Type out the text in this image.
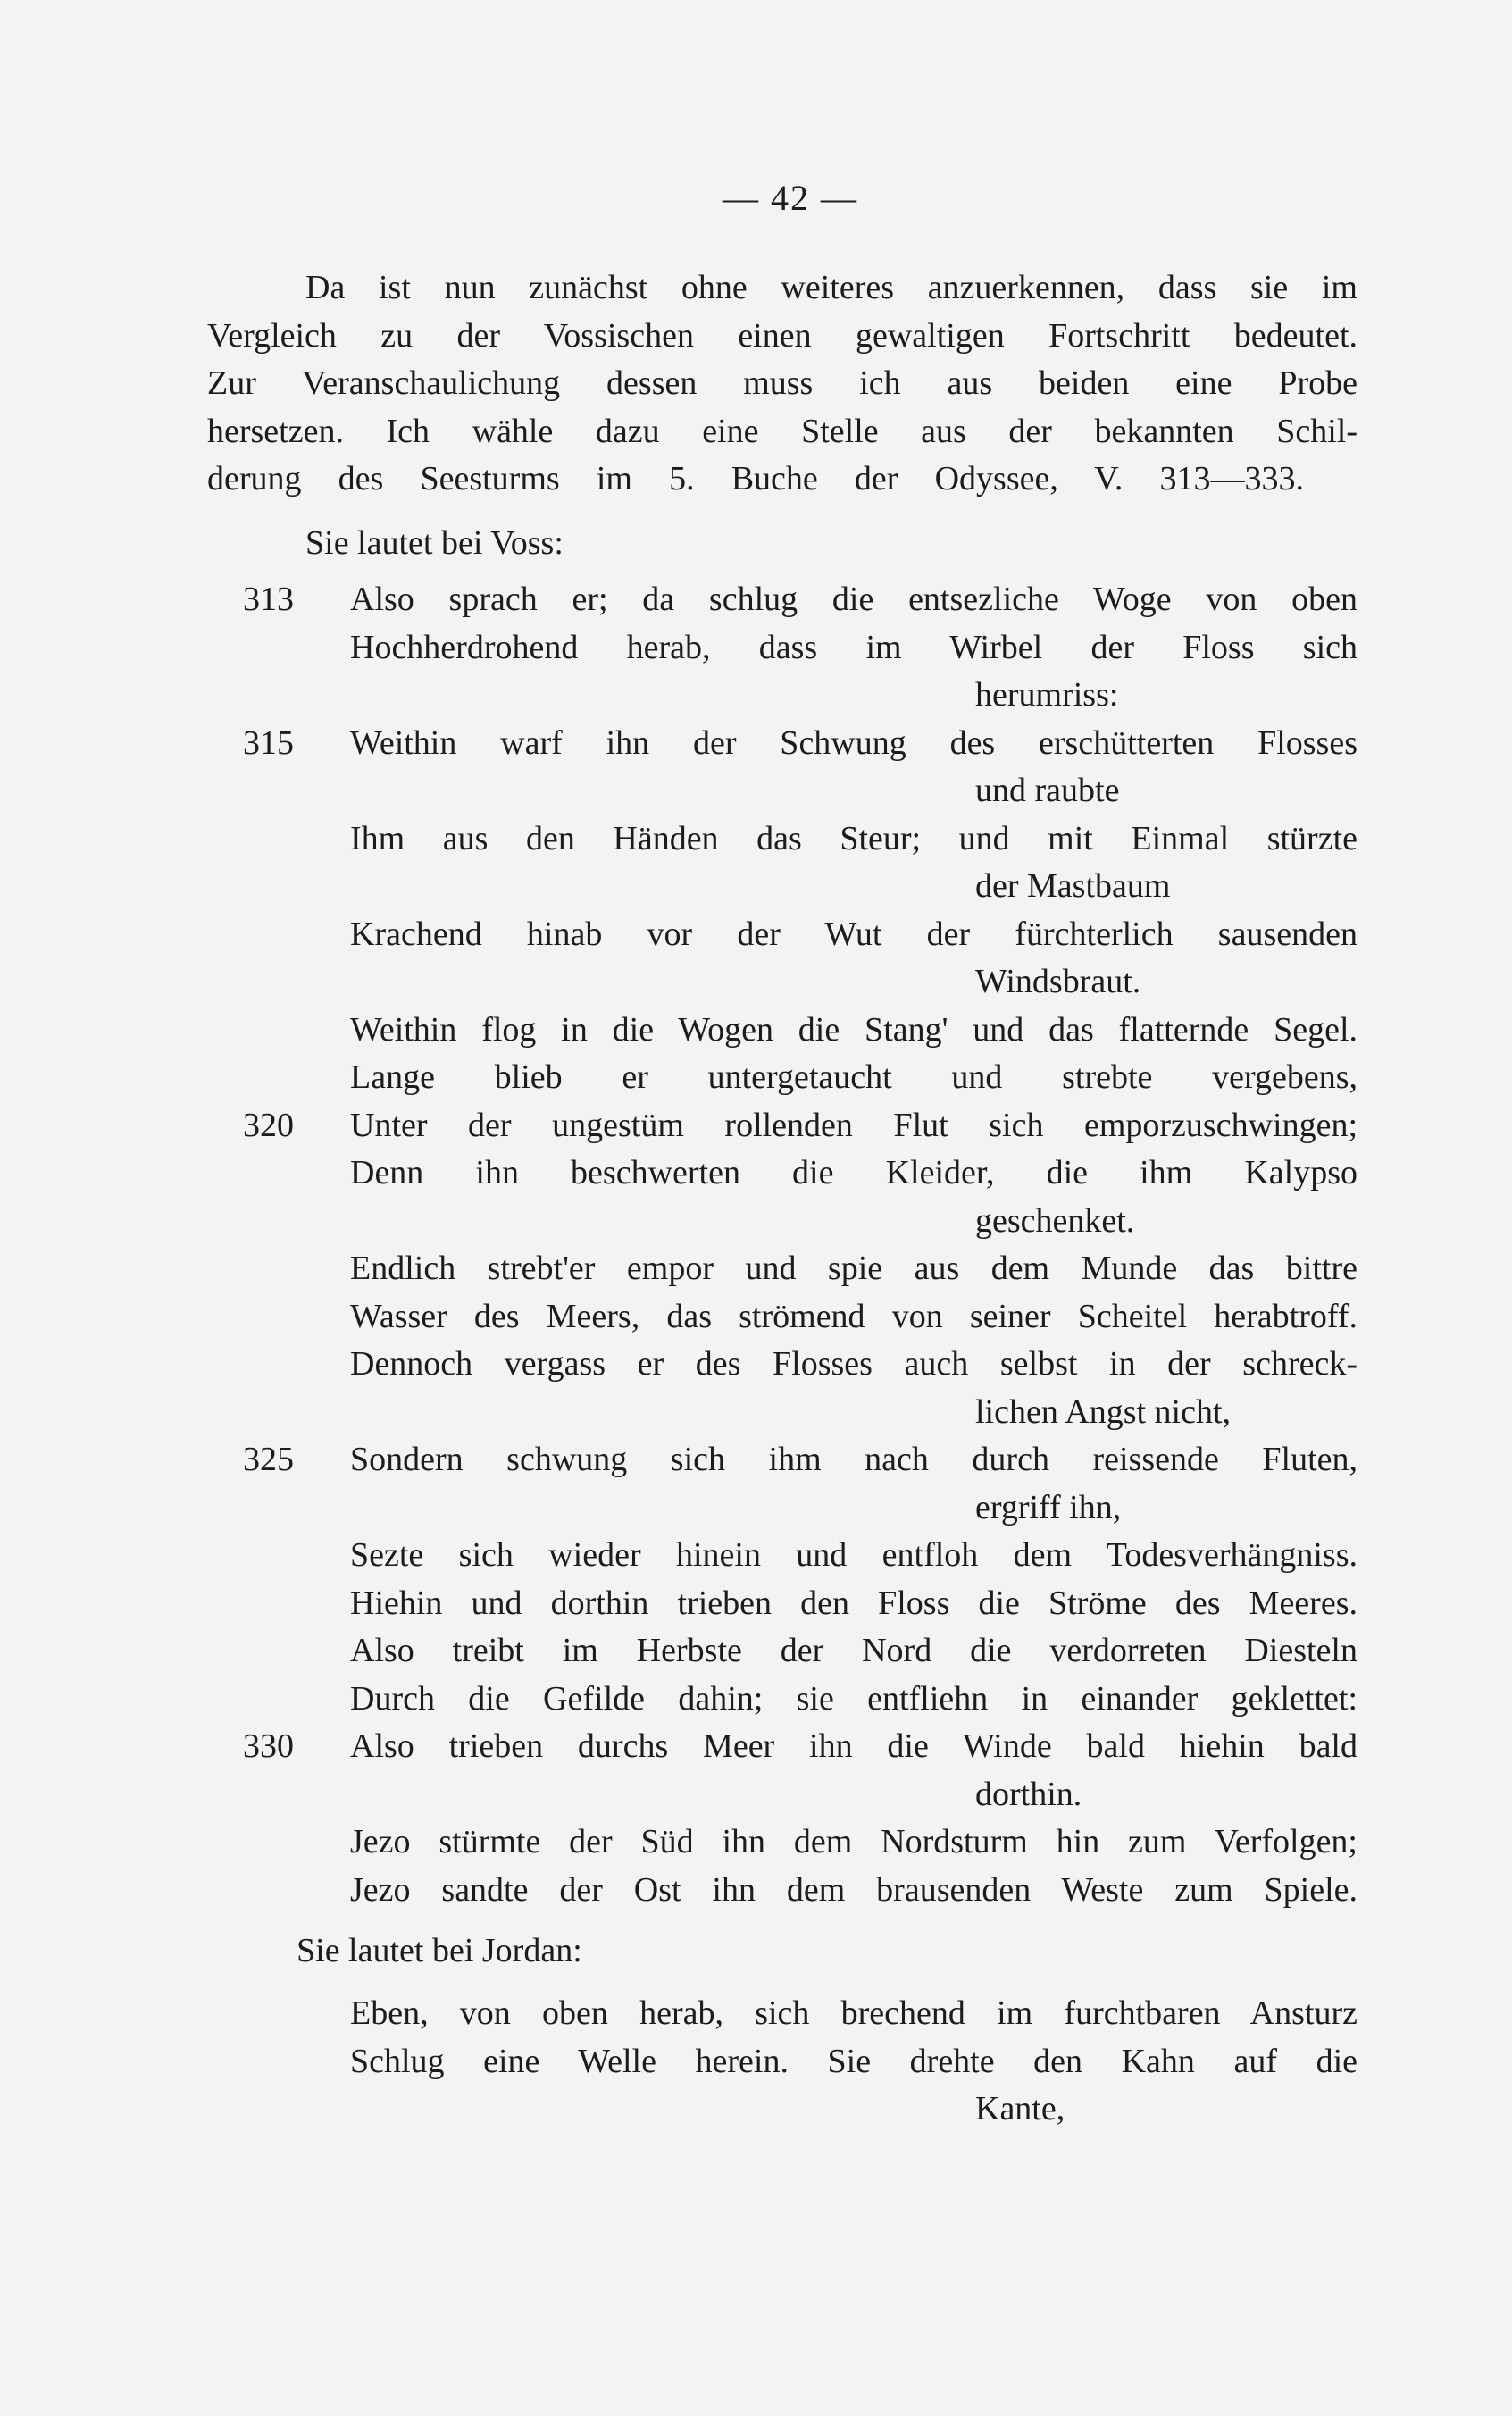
— 42 —

Da ist nun zunächst ohne weiteres anzuerkennen, dass sie im

Vergleich zu der Vossischen einen gewaltigen Fortschritt bedeutet.

Zur Veranschaulichung dessen muss ich aus beiden eine Probe

hersetzen. Ich wähle dazu eine Stelle aus der bekannten Schil-

derung des Seesturms im 5. Buche der Odyssee, V. 313—333.

Sie lautet bei Voss:
313	Also sprach er; da schlug die entsezliche Woge von oben
Hochherdrohend herab, dass im Wirbel der Floss sich
herumriss:
315	Weithin warf ihn der Schwung des erschütterten Flosses
und raubte
Ihm aus den Händen das Steur; und mit Einmal stürzte
der Mastbaum
Krachend hinab vor der Wut der fürchterlich sausenden
Windsbraut.
Weithin flog in die Wogen die Stang' und das flatternde Segel.
Lange blieb er untergetaucht und strebte vergebens,
320	Unter der ungestüm rollenden Flut sich emporzuschwingen;
Denn ihn beschwerten die Kleider, die ihm Kalypso
geschenket.
Endlich strebt'er empor und spie aus dem Munde das bittre
Wasser des Meers, das strömend von seiner Scheitel herabtroff.
Dennoch vergass er des Flosses auch selbst in der schreck-
lichen Angst nicht,
325	Sondern schwung sich ihm nach durch reissende Fluten,
ergriff ihn,
Sezte sich wieder hinein und entfloh dem Todesverhängniss.
Hiehin und dorthin trieben den Floss die Ströme des Meeres.
Also treibt im Herbste der Nord die verdorreten Diesteln
Durch die Gefilde dahin; sie entfliehn in einander geklettet:
330	Also trieben durchs Meer ihn die Winde bald hiehin bald
dorthin.
Jezo stürmte der Süd ihn dem Nordsturm hin zum Verfolgen;
Jezo sandte der Ost ihn dem brausenden Weste zum Spiele.
Sie lautet bei Jordan:
Eben, von oben herab, sich brechend im furchtbaren Ansturz
Schlug eine Welle herein. Sie drehte den Kahn auf die
Kante,
